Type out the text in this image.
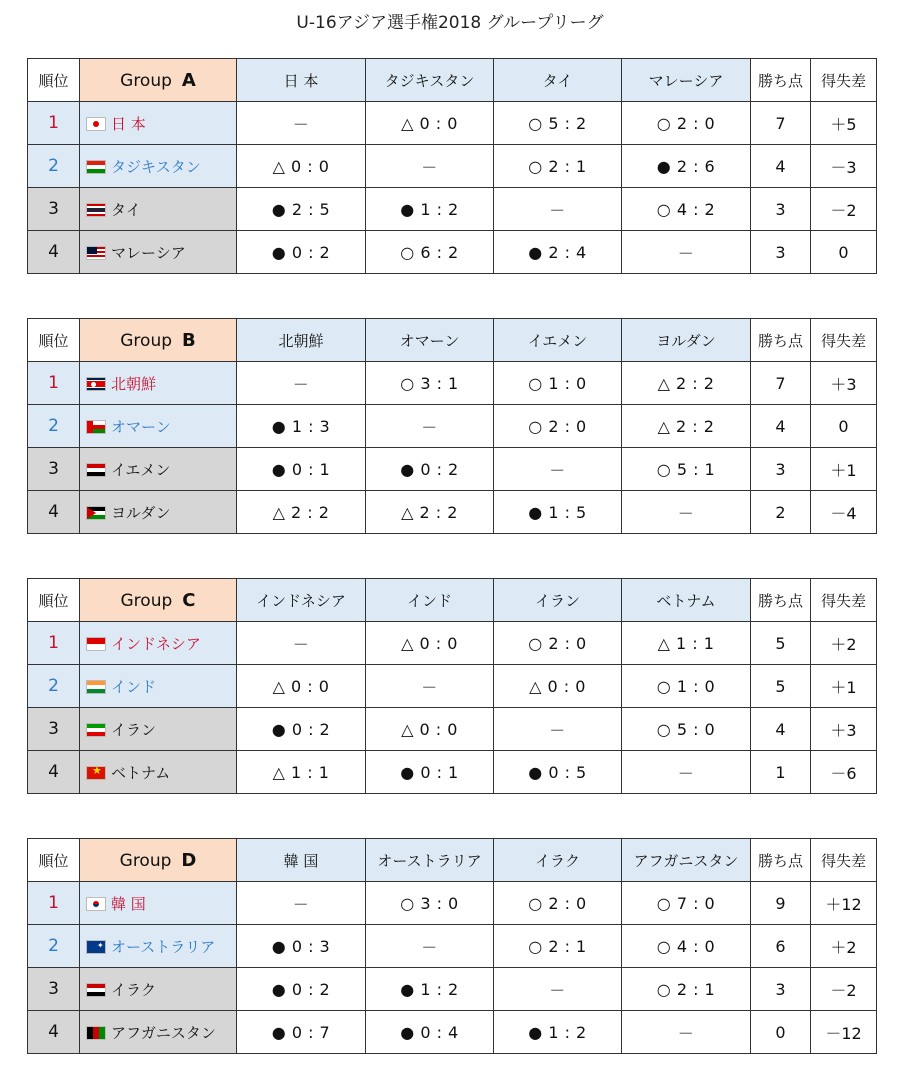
U-16アジア選手権2018 グループリーグ
順位	Group A	日 本	タジキスタン	タイ	マレーシア	勝ち点	得失差
1	日 本	－	△ 0 : 0	○ 5 : 2	○ 2 : 0	7	＋5
2	タジキスタン	△ 0 : 0	－	○ 2 : 1	● 2 : 6	4	－3
3	タイ	● 2 : 5	● 1 : 2	－	○ 4 : 2	3	－2
4	マレーシア	● 0 : 2	○ 6 : 2	● 2 : 4	－	3	0
順位	Group B	北朝鮮	オマーン	イエメン	ヨルダン	勝ち点	得失差
1	北朝鮮	－	○ 3 : 1	○ 1 : 0	△ 2 : 2	7	＋3
2	オマーン	● 1 : 3	－	○ 2 : 0	△ 2 : 2	4	0
3	イエメン	● 0 : 1	● 0 : 2	－	○ 5 : 1	3	＋1
4	ヨルダン	△ 2 : 2	△ 2 : 2	● 1 : 5	－	2	－4
順位	Group C	インドネシア	インド	イラン	ベトナム	勝ち点	得失差
1	インドネシア	－	△ 0 : 0	○ 2 : 0	△ 1 : 1	5	＋2
2	インド	△ 0 : 0	－	△ 0 : 0	○ 1 : 0	5	＋1
3	イラン	● 0 : 2	△ 0 : 0	－	○ 5 : 0	4	＋3
4	★ベトナム	△ 1 : 1	● 0 : 1	● 0 : 5	－	1	－6
順位	Group D	韓 国	オーストラリア	イラク	アフガニスタン	勝ち点	得失差
1	韓 国	－	○ 3 : 0	○ 2 : 0	○ 7 : 0	9	＋12
2	✦オーストラリア	● 0 : 3	－	○ 2 : 1	○ 4 : 0	6	＋2
3	イラク	● 0 : 2	● 1 : 2	－	○ 2 : 1	3	－2
4	アフガニスタン	● 0 : 7	● 0 : 4	● 1 : 2	－	0	－12
